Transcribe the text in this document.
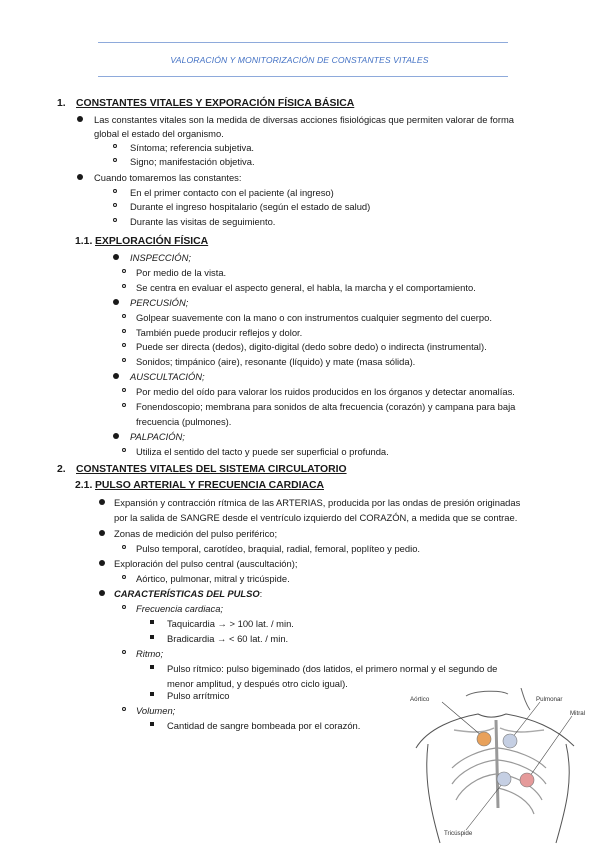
VALORACIÓN Y MONITORIZACIÓN DE CONSTANTES VITALES
1. CONSTANTES VITALES Y EXPORACIÓN FÍSICA BÁSICA
Las constantes vitales son la medida de diversas acciones fisiológicas que permiten valorar de forma
global el estado del organismo.
Síntoma; referencia subjetiva.
Signo; manifestación objetiva.
Cuando tomaremos las constantes:
En el primer contacto con el paciente (al ingreso)
Durante el ingreso hospitalario (según el estado de salud)
Durante las visitas de seguimiento.
1.1. EXPLORACIÓN FÍSICA
INSPECCIÓN;
Por medio de la vista.
Se centra en evaluar el aspecto general, el habla, la marcha y el comportamiento.
PERCUSIÓN;
Golpear suavemente con la mano o con instrumentos cualquier segmento del cuerpo.
También puede producir reflejos y dolor.
Puede ser directa (dedos), digito-digital (dedo sobre dedo) o indirecta (instrumental).
Sonidos; timpánico (aire), resonante (líquido) y mate (masa sólida).
AUSCULTACIÓN;
Por medio del oído para valorar los ruidos producidos en los órganos y detectar anomalías.
Fonendoscopio; membrana para sonidos de alta frecuencia (corazón) y campana para baja
frecuencia (pulmones).
PALPACIÓN;
Utiliza el sentido del tacto y puede ser superficial o profunda.
2. CONSTANTES VITALES DEL SISTEMA CIRCULATORIO
2.1. PULSO ARTERIAL Y FRECUENCIA CARDIACA
Expansión y contracción rítmica de las ARTERIAS, producida por las ondas de presión originadas
por la salida de SANGRE desde el ventrículo izquierdo del CORAZÓN, a medida que se contrae.
Zonas de medición del pulso periférico;
Pulso temporal, carotídeo, braquial, radial, femoral, poplíteo y pedio.
Exploración del pulso central (auscultación);
Aórtico, pulmonar, mitral y tricúspide.
CARACTERÍSTICAS DEL PULSO:
Frecuencia cardiaca;
Taquicardia → > 100 lat. / min.
Bradicardia → < 60 lat. / min.
Ritmo;
Pulso rítmico: pulso bigeminado (dos latidos, el primero normal y el segundo de
menor amplitud, y después otro ciclo igual).
Pulso arrítmico
Volumen;
Cantidad de sangre bombeada por el corazón.
Aórtico	Pulmonar
Mitral
Tricúspide
